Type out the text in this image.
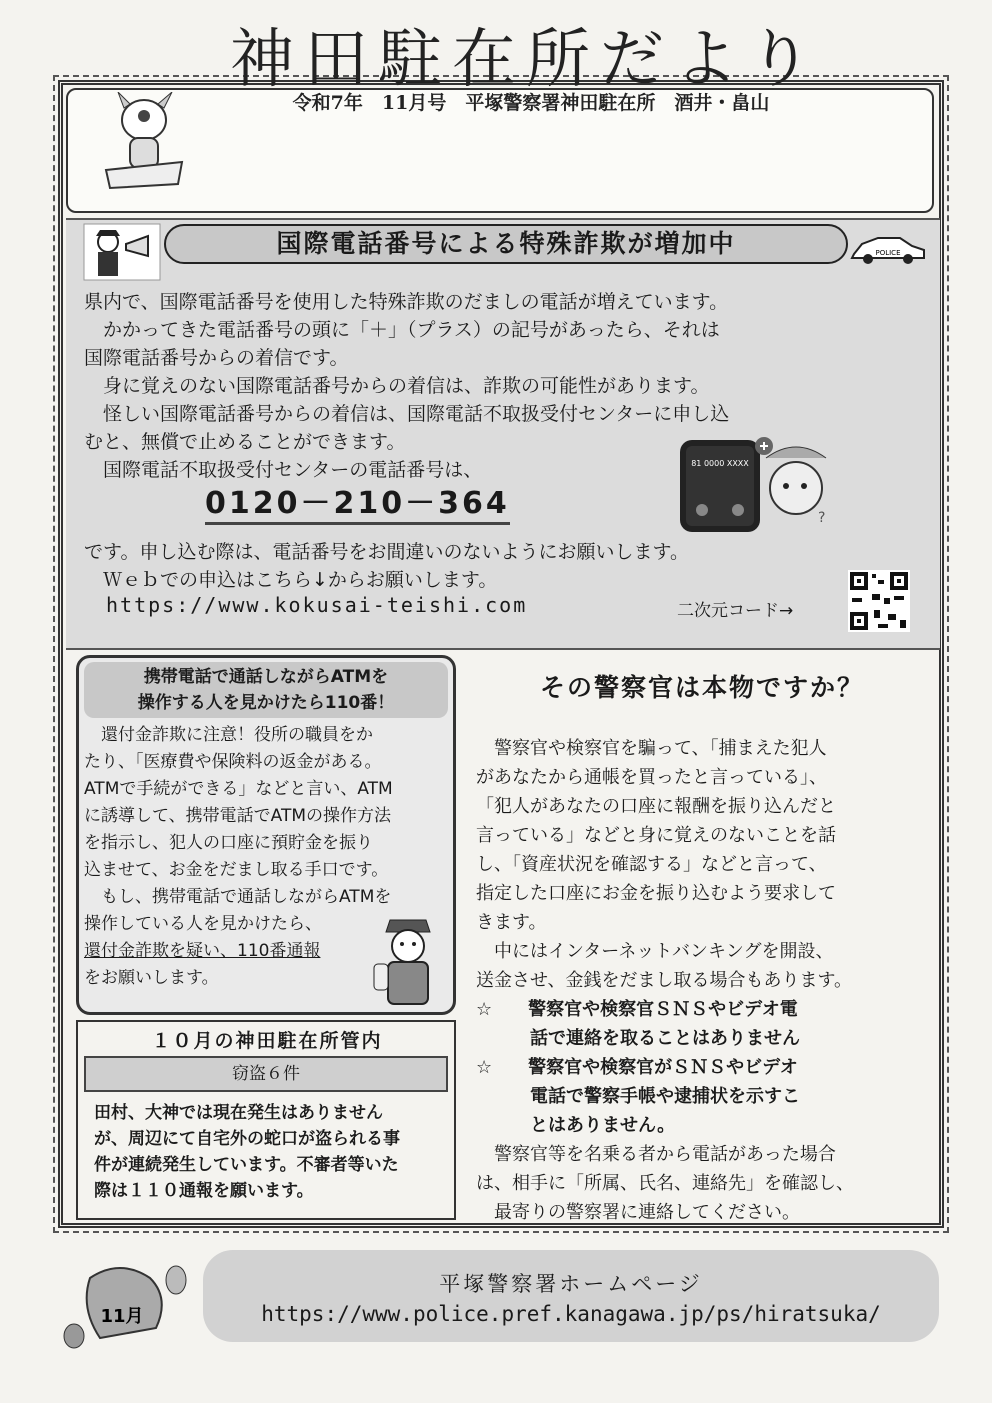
神田駐在所だより
令和7年　11月号　平塚警察署神田駐在所　酒井・畠山
国際電話番号による特殊詐欺が増加中	POLICE
県内で、国際電話番号を使用した特殊詐欺のだましの電話が増えています。
　かかってきた電話番号の頭に「＋」（プラス）の記号があったら、それは
国際電話番号からの着信です。
　身に覚えのない国際電話番号からの着信は、詐欺の可能性があります。
　怪しい国際電話番号からの着信は、国際電話不取扱受付センターに申し込
むと、無償で止めることができます。
　国際電話不取扱受付センターの電話番号は、
0120－210－364
81 0000 XXXX
?
です。申し込む際は、電話番号をお間違いのないようにお願いします。
　Ｗｅｂでの申込はこちら↓からお願いします。
https://www.kokusai-teishi.com	二次元コード→
携帯電話で通話しながらATMを
操作する人を見かけたら110番！
　還付金詐欺に注意！役所の職員をか
たり、「医療費や保険料の返金がある。
ATMで手続ができる」などと言い、ATM
に誘導して、携帯電話でATMの操作方法
を指示し、犯人の口座に預貯金を振り
込ませて、お金をだまし取る手口です。
　もし、携帯電話で通話しながらATMを
操作している人を見かけたら、
還付金詐欺を疑い、110番通報
をお願いします。
１０月の神田駐在所管内
窃盗６件
田村、大神では現在発生はありません
が、周辺にて自宅外の蛇口が盗られる事
件が連続発生しています。不審者等いた
際は１１０通報を願います。
その警察官は本物ですか？
　警察官や検察官を騙って、「捕まえた犯人
があなたから通帳を買ったと言っている」、
「犯人があなたの口座に報酬を振り込んだと
言っている」などと身に覚えのないことを話
し、「資産状況を確認する」などと言って、
指定した口座にお金を振り込むよう要求して
きます。
　中にはインターネットバンキングを開設、
送金させ、金銭をだまし取る場合もあります。
☆　　警察官や検察官ＳＮＳやビデオ電
　　　話で連絡を取ることはありません
☆　　警察官や検察官がＳＮＳやビデオ
　　　電話で警察手帳や逮捕状を示すこ
　　　とはありません。
　警察官等を名乗る者から電話があった場合
は、相手に「所属、氏名、連絡先」を確認し、
　最寄りの警察署に連絡してください。
11月
平塚警察署ホームページ
https://www.police.pref.kanagawa.jp/ps/hiratsuka/
